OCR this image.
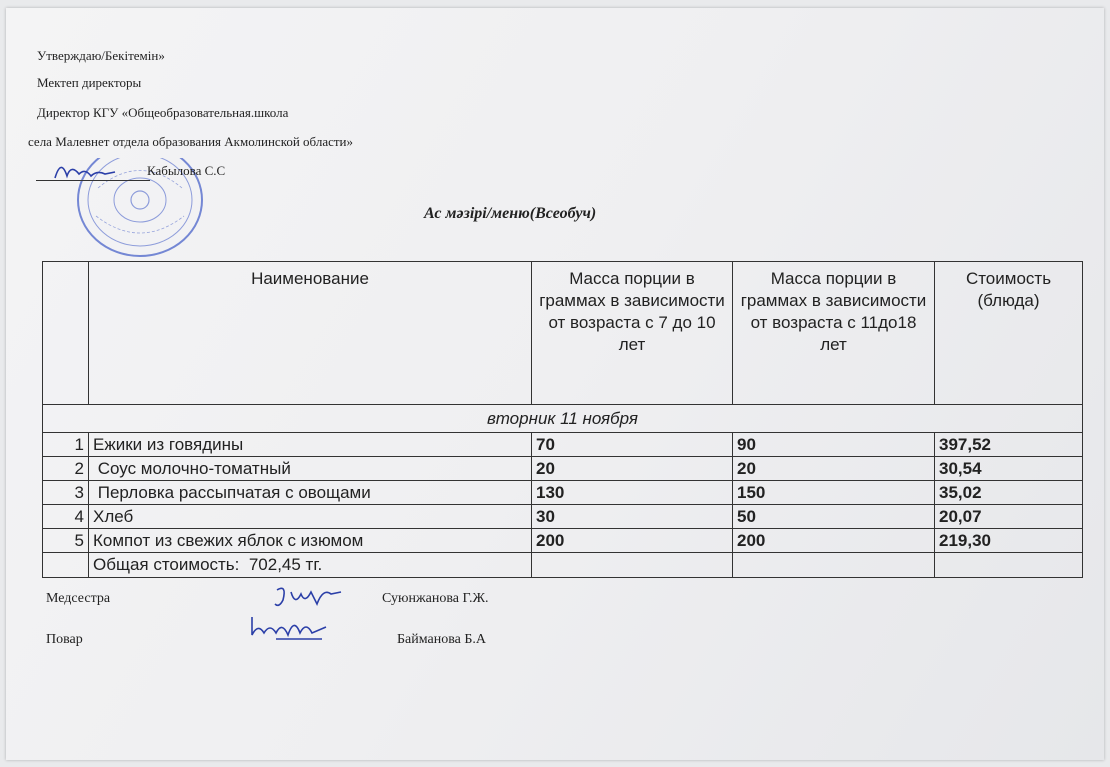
Утверждаю/Бекітемін»
Мектеп директоры
Директор КГУ «Общеобразовательная.школа
села Малевнет отдела образования Акмолинской области»
Кабылова С.С
Ас мәзірі/меню(Всеобуч)
	Наименование	Масса порции в граммах в зависимости от возраста с 7 до 10 лет	Масса порции в граммах в зависимости от возраста с 11до18 лет	Стоимость (блюда)
вторник 11 ноября				
1	Ежики из говядины	70	90	397,52
2	Соус молочно-томатный	20	20	30,54
3	Перловка рассыпчатая с овощами	130	150	35,02
4	Хлеб	30	50	20,07
5	Компот из свежих яблок с изюмом	200	200	219,30
	Общая стоимость:  702,45 тг.			
Медсестра	Суюнжанова Г.Ж.
Повар	Байманова Б.А
